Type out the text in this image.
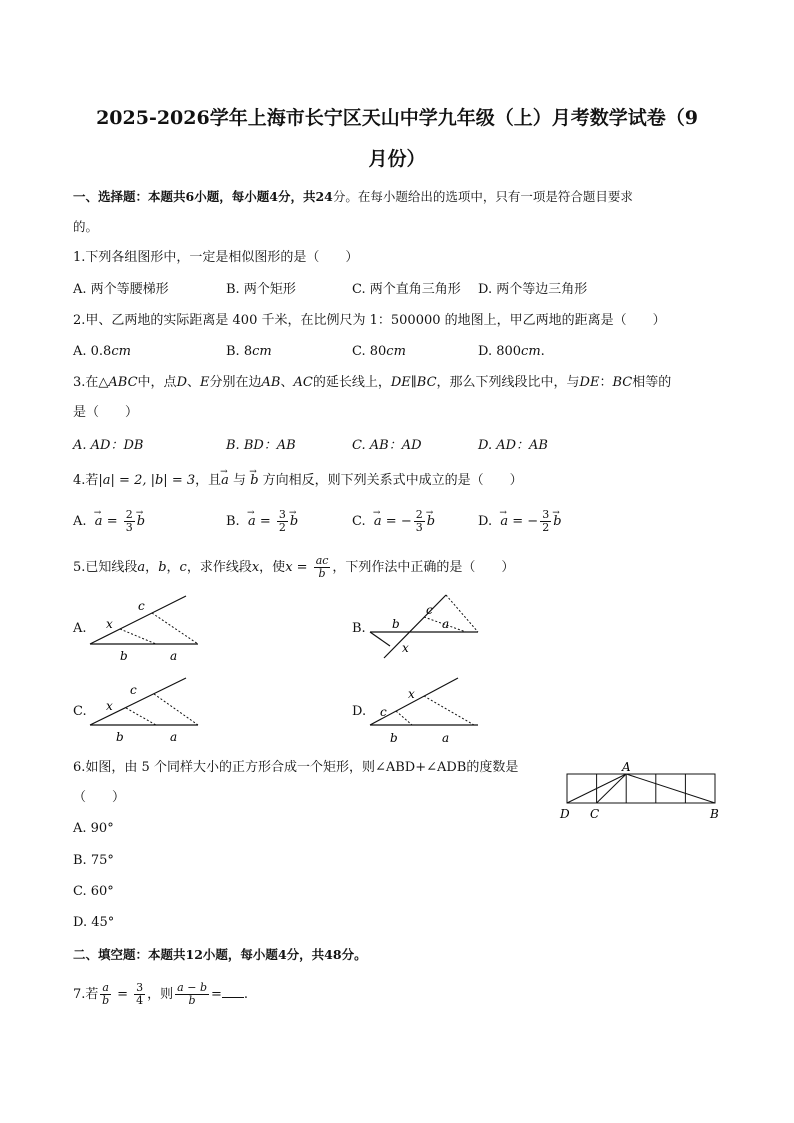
2025-2026学年上海市长宁区天山中学九年级（上）月考数学试卷（9
月份）
一、选择题：本题共6小题，每小题4分，共24分。在每小题给出的选项中，只有一项是符合题目要求
的。
1.下列各组图形中，一定是相似图形的是（　　）
A. 两个等腰梯形	B. 两个矩形	C. 两个直角三角形 D. 两个等边三角形
2.甲、乙两地的实际距离是 400 千米，在比例尺为 1：500000 的地图上，甲乙两地的距离是（　　）
A. 0.8cm	B. 8cm	C. 80cm	D. 800cm.
3.在△ABC中，点D、E分别在边AB、AC的延长线上，DE∥BC，那么下列线段比中，与DE：BC相等的
是（　　）
A. AD：DB	B. BD：AB	C. AB：AD	D. AD：AB
4.若|a| = 2, |b| = 3，且→ a 与 → b 方向相反，则下列关系式中成立的是（　　）
A.  → $a = \frac{2}{3}$
→ b	B.  → $a = \frac{3}{2}$
→ b	C.  → a = − $\frac{2}{3}$
→ b	D.  → a = − $\frac{3}{2}$
→ b
5.已知线段a，b，c，求作线段x，使$x = \frac{ac}{b}$ ，下列作法中正确的是（　　）
A. x
c
b	a
B. b
c
a
x
C. x
c
b	a
D. c
x
b	a
6.如图，由 5 个同样大小的正方形合成一个矩形，则∠ABD+∠ADB的度数是
（　　）
A. 90°
B. 75°
C. 60°
D. 45°
A
D C	B
二、填空题：本题共12小题，每小题4分，共48分。
7.若 $\frac{a}{b} = \frac{3}{4}$ ，则 $\frac{a - b}{b}$ = .
